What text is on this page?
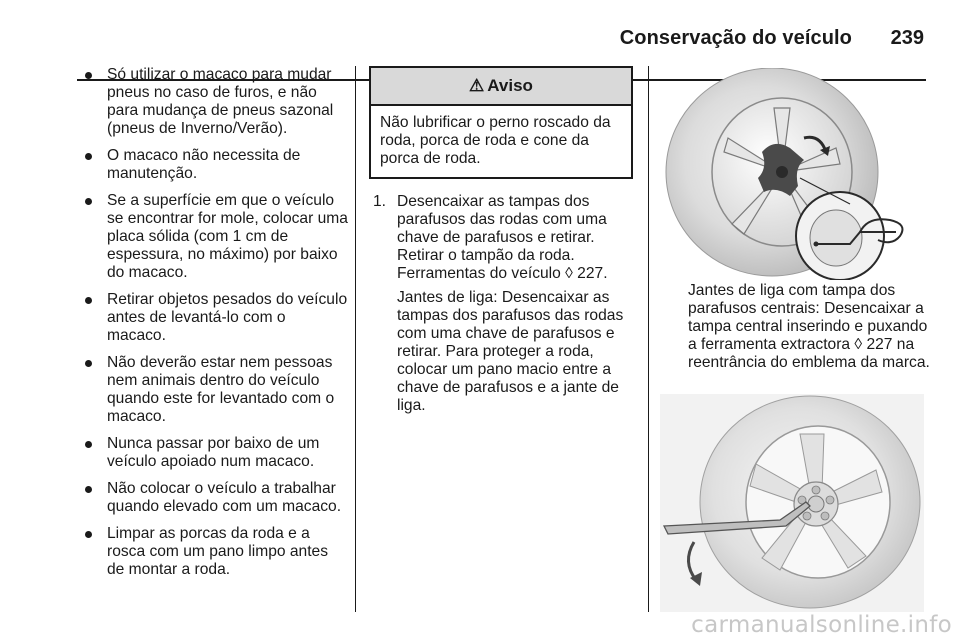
Conservação do veículo 239
Só utilizar o macaco para mudar pneus no caso de furos, e não para mudança de pneus sazonal (pneus de Inverno/Verão).
O macaco não necessita de manutenção.
Se a superfície em que o veículo se encontrar for mole, colocar uma placa sólida (com 1 cm de espessura, no máximo) por baixo do macaco.
Retirar objetos pesados do veículo antes de levantá-lo com o macaco.
Não deverão estar nem pessoas nem animais dentro do veículo quando este for levantado com o macaco.
Nunca passar por baixo de um veículo apoiado num macaco.
Não colocar o veículo a trabalhar quando elevado com um macaco.
Limpar as porcas da roda e a rosca com um pano limpo antes de montar a roda.
⚠ Aviso
Não lubrificar o perno roscado da roda, porca de roda e cone da porca de roda.
1. Desencaixar as tampas dos parafusos das rodas com uma chave de parafusos e retirar. Retirar o tampão da roda. Ferramentas do veículo ◊ 227.

Jantes de liga: Desencaixar as tampas dos parafusos das rodas com uma chave de parafusos e retirar. Para proteger a roda, colocar um pano macio entre a chave de parafusos e a jante de liga.

Jantes de liga com tampa dos parafusos centrais: Desencaixar a tampa central inserindo e puxando a ferramenta extractora ◊ 227 na reentrância do emblema da marca.
carmanualsonline.info
